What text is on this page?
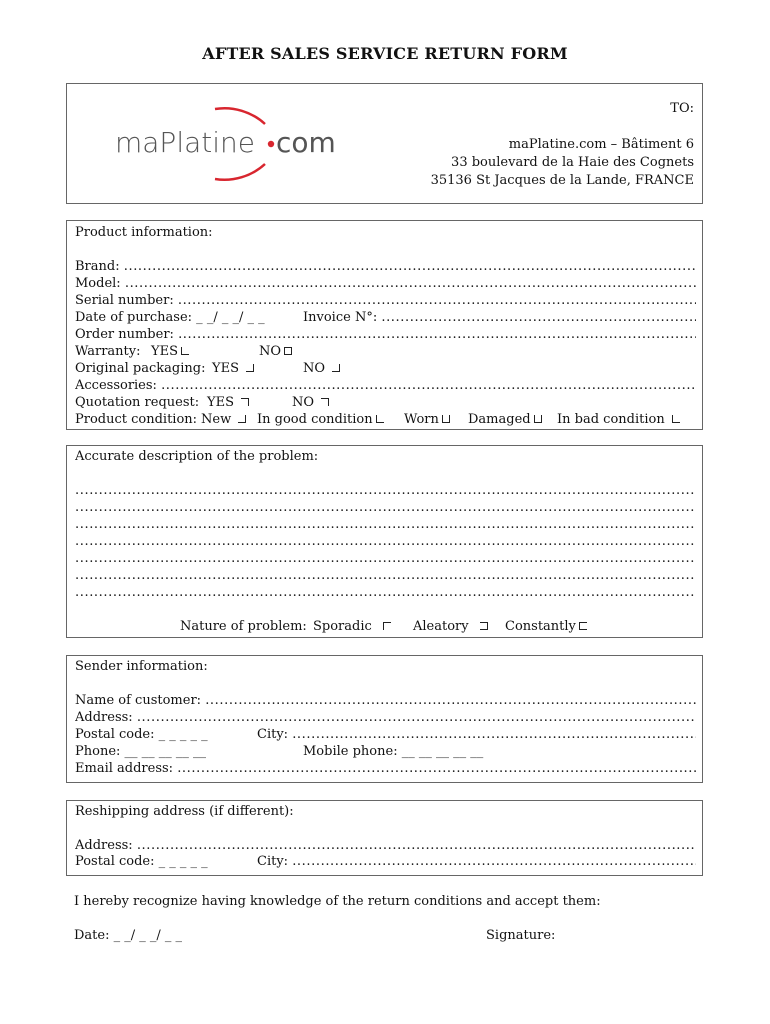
AFTER SALES SERVICE RETURN FORM
maPlatine com
TO:
maPlatine.com – Bâtiment 6
33 boulevard de la Haie des Cognets
35136 St Jacques de la Lande, FRANCE
Product information:
Brand: .....
Model: .....
Serial number: .....
Date of purchase: _ _/ _ _/ _ _	Invoice N°: .....
Order number: .....
Warranty: YES	NO
Original packaging: YES	NO
Accessories: .....
Quotation request: YES	NO
Product condition: New	In good condition	Worn	Damaged	In bad condition
Accurate description of the problem:
.....
.....
.....
.....
.....
.....
.....
Nature of problem: Sporadic	Aleatory	Constantly
Sender information:
Name of customer: .....
Address: .....
Postal code: _ _ _ _ _	City: .....
Phone: __ __ __ __ __	Mobile phone: __ __ __ __ __
Email address: .....
Reshipping address (if different):
Address: .....
Postal code: _ _ _ _ _	City: .....
I hereby recognize having knowledge of the return conditions and accept them:
Date: _ _/ _ _/ _ _	Signature:
